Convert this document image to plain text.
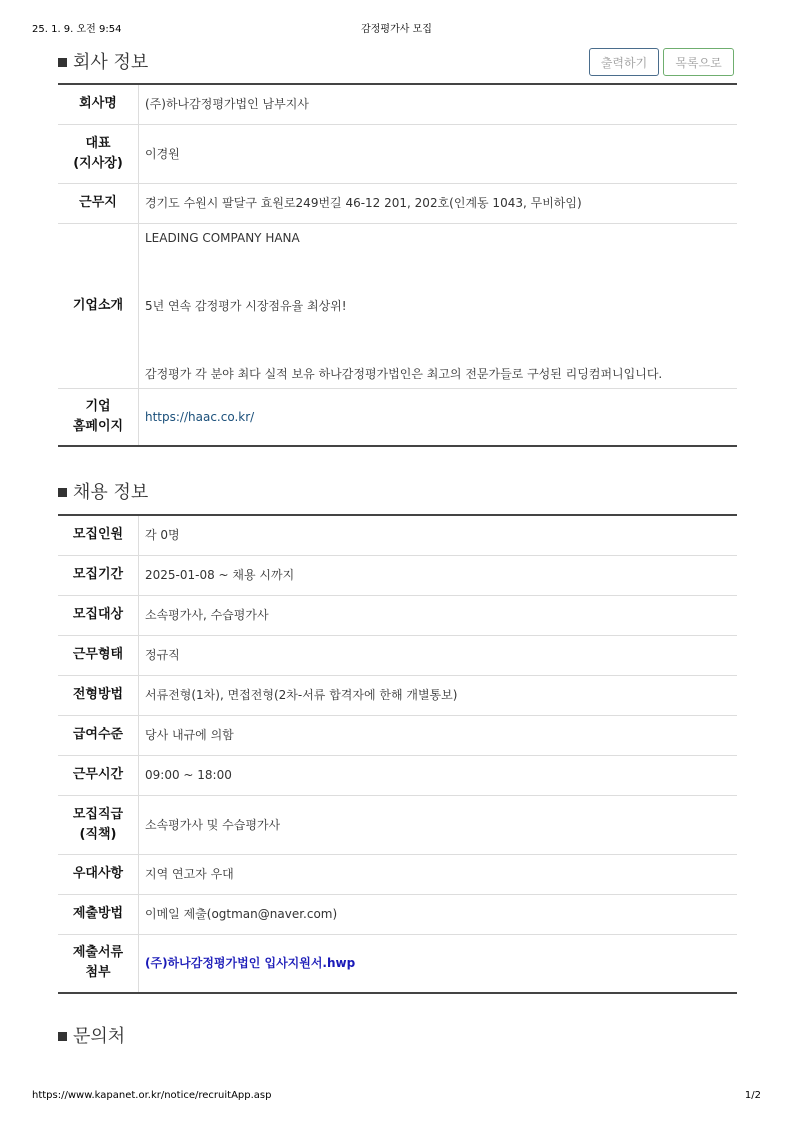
25. 1. 9. 오전 9:54	감정평가사 모집
회사 정보	출력하기	목록으로
회사명	(주)하나감정평가법인 남부지사

대표
(지사장)	이경원
근무지	경기도 수원시 팔달구 효원로249번길 46-12 201, 202호(인계동 1043, 무비하임)
기업소개	LEADING COMPANY HANA
5년 연속 감정평가 시장점유율 최상위!
감정평가 각 분야 최다 실적 보유 하나감정평가법인은 최고의 전문가들로 구성된 리딩컴퍼니입니다.

기업
홈페이지	https://haac.co.kr/
채용 정보
모집인원	각 0명
모집기간	2025-01-08 ~ 채용 시까지
모집대상	소속평가사, 수습평가사
근무형태	정규직
전형방법	서류전형(1차), 면접전형(2차-서류 합격자에 한해 개별통보)
급여수준	당사 내규에 의함
근무시간	09:00 ~ 18:00

모집직급
(직책)	소속평가사 및 수습평가사
우대사항	지역 연고자 우대
제출방법	이메일 제출(ogtman@naver.com)

제출서류
첨부	(주)하나감정평가법인 입사지원서.hwp
문의처
https://www.kapanet.or.kr/notice/recruitApp.asp	1/2
